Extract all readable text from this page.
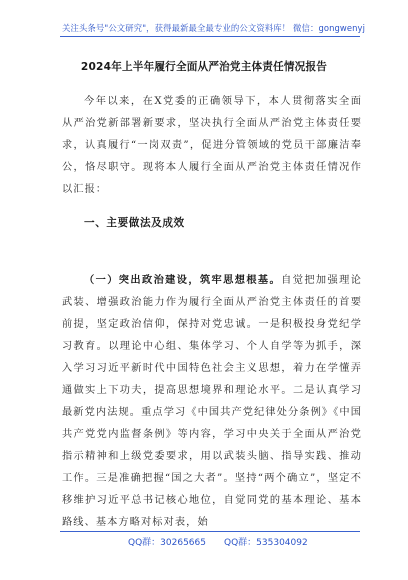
关注头条号"公文研究"，获得最新最全最专业的公文资料库！ 微信：gongwenyj
2024年上半年履行全面从严治党主体责任情况报告
今年以来，在X党委的正确领导下，本人贯彻落实全面从严治党新部署新要求，坚决执行全面从严治党主体责任要求，认真履行“一岗双责”，促进分管领域的党员干部廉洁奉公，恪尽职守。现将本人履行全面从严治党主体责任情况作以汇报：
一、主要做法及成效
（一）突出政治建设，筑牢思想根基。自觉把加强理论武装、增强政治能力作为履行全面从严治党主体责任的首要前提，坚定政治信仰，保持对党忠诚。一是积极投身党纪学习教育。以理论中心组、集体学习、个人自学等为抓手，深入学习习近平新时代中国特色社会主义思想，着力在学懂弄通做实上下功夫，提高思想境界和理论水平。二是认真学习最新党内法规。重点学习《中国共产党纪律处分条例》《中国共产党党内监督条例》等内容，学习中央关于全面从严治党指示精神和上级党委要求，用以武装头脑、指导实践、推动工作。三是准确把握“国之大者”。坚持“两个确立”，坚定不移维护习近平总书记核心地位，自觉同党的基本理论、基本路线、基本方略对标对表，始
QQ群：30265665 QQ群：535304092
